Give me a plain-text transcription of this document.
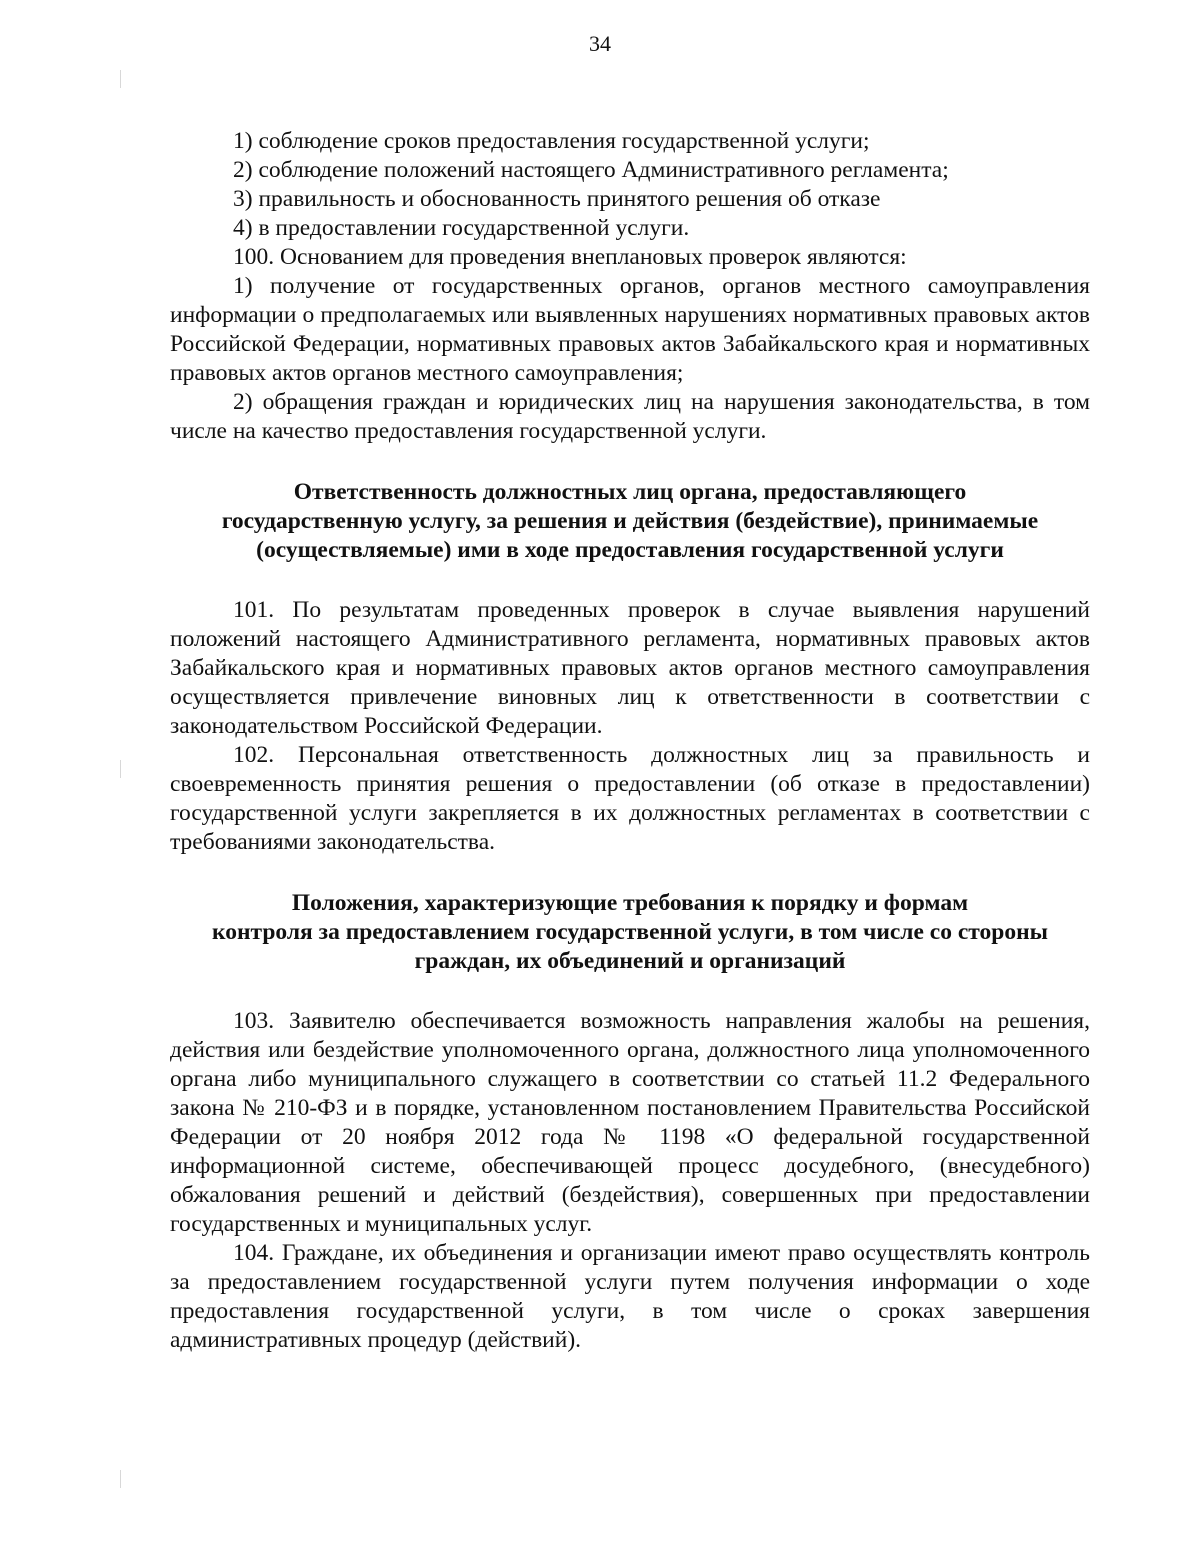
34

1) соблюдение сроков предоставления государственной услуги;

2) соблюдение положений настоящего Административного регламента;

3) правильность и обоснованность принятого решения об отказе

4) в предоставлении государственной услуги.

100. Основанием для проведения внеплановых проверок являются:

1) получение от государственных органов, органов местного самоуправления информации о предполагаемых или выявленных нарушениях нормативных правовых актов Российской Федерации, нормативных правовых актов Забайкальского края и нормативных правовых актов органов местного самоуправления;

2) обращения граждан и юридических лиц на нарушения законодательства, в том числе на качество предоставления государственной услуги.

Ответственность должностных лиц органа, предоставляющего

государственную услугу, за решения и действия (бездействие), принимаемые

(осуществляемые) ими в ходе предоставления государственной услуги

101. По результатам проведенных проверок в случае выявления нарушений положений настоящего Административного регламента, нормативных правовых актов Забайкальского края и нормативных правовых актов органов местного самоуправления осуществляется привлечение виновных лиц к ответственности в соответствии с законодательством Российской Федерации.

102. Персональная ответственность должностных лиц за правильность и своевременность принятия решения о предоставлении (об отказе в предоставлении) государственной услуги закрепляется в их должностных регламентах в соответствии с требованиями законодательства.

Положения, характеризующие требования к порядку и формам

контроля за предоставлением государственной услуги, в том числе со стороны

граждан, их объединений и организаций

103. Заявителю обеспечивается возможность направления жалобы на решения, действия или бездействие уполномоченного органа, должностного лица уполномоченного органа либо муниципального служащего в соответствии со статьей 11.2 Федерального закона № 210-ФЗ и в порядке, установленном постановлением Правительства Российской Федерации от 20 ноября 2012 года № 1198 «О федеральной государственной информационной системе, обеспечивающей процесс досудебного, (внесудебного) обжалования решений и действий (бездействия), совершенных при предоставлении государственных и муниципальных услуг.

104. Граждане, их объединения и организации имеют право осуществлять контроль за предоставлением государственной услуги путем получения информации о ходе предоставления государственной услуги, в том числе о сроках завершения административных процедур (действий).
